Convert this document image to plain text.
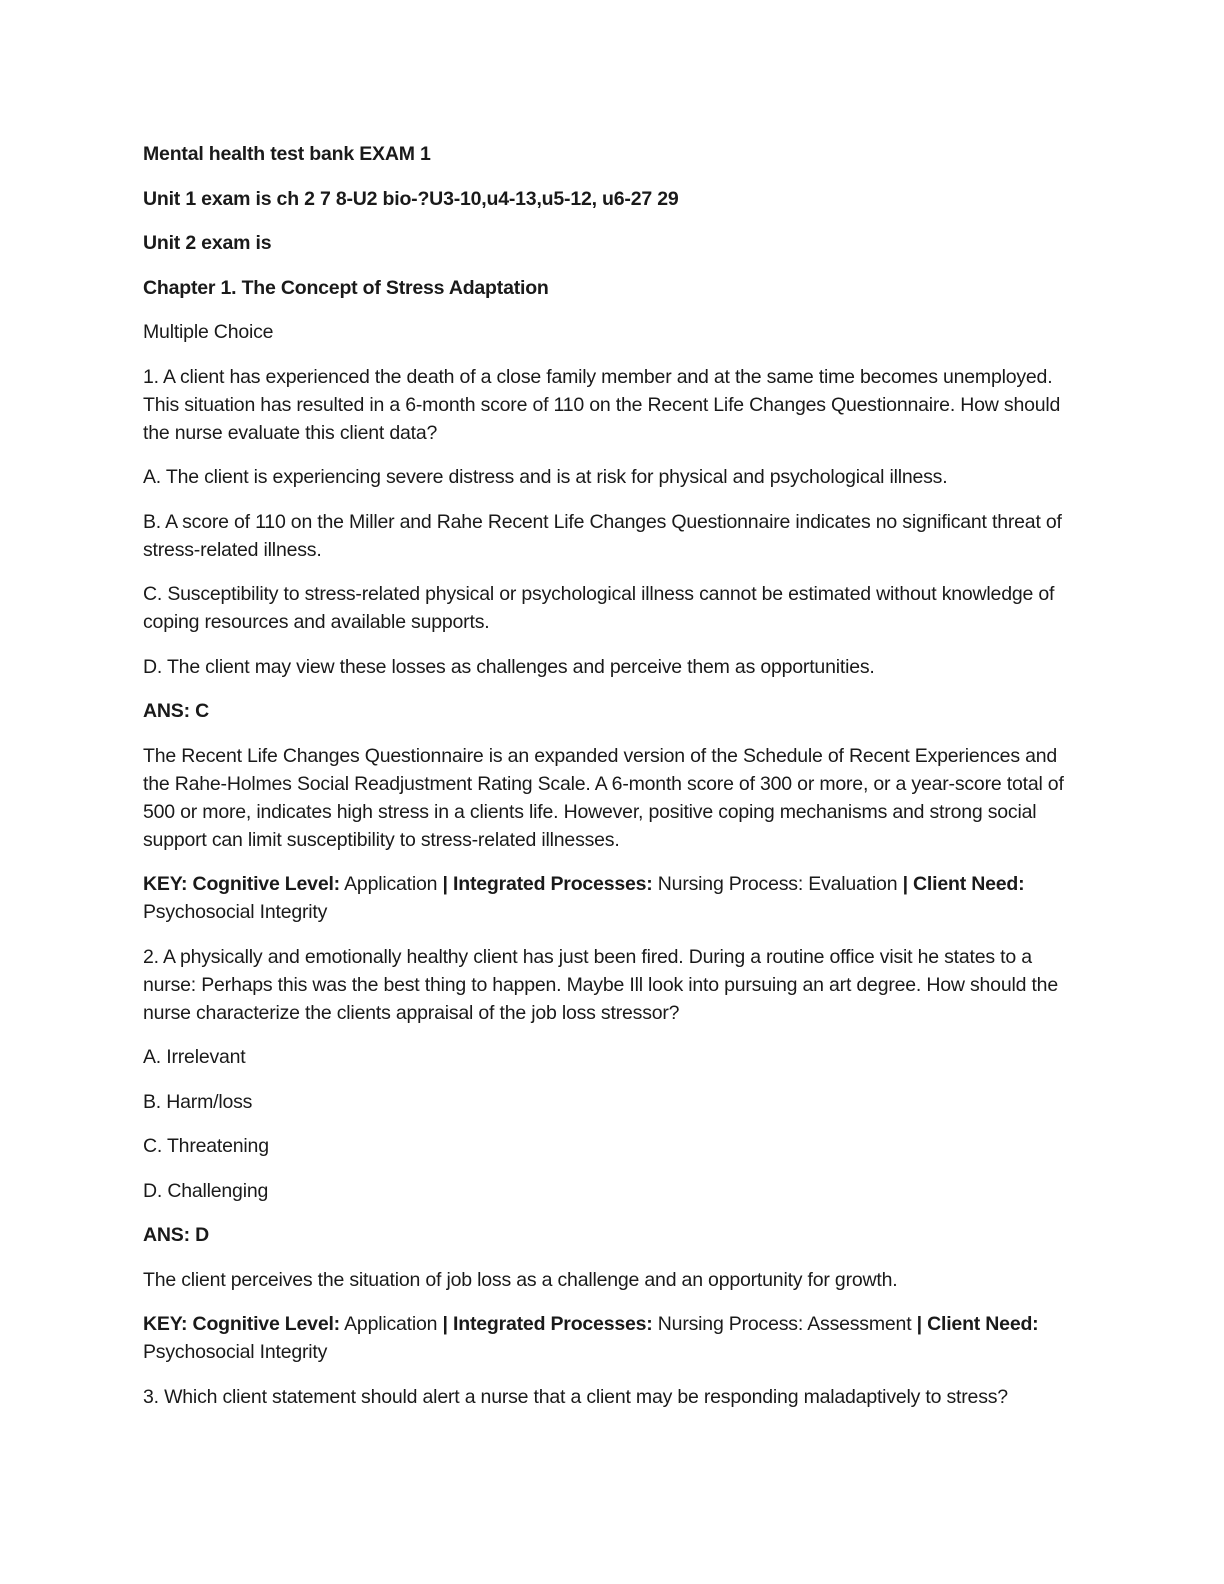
Mental health test bank EXAM 1

Unit 1 exam is ch 2 7 8-U2 bio-?U3-10,u4-13,u5-12, u6-27 29

Unit 2 exam is

Chapter 1. The Concept of Stress Adaptation

Multiple Choice

1. A client has experienced the death of a close family member and at the same time becomes unemployed. This situation has resulted in a 6-month score of 110 on the Recent Life Changes Questionnaire. How should the nurse evaluate this client data?

A. The client is experiencing severe distress and is at risk for physical and psychological illness.

B. A score of 110 on the Miller and Rahe Recent Life Changes Questionnaire indicates no significant threat of stress-related illness.

C. Susceptibility to stress-related physical or psychological illness cannot be estimated without knowledge of coping resources and available supports.

D. The client may view these losses as challenges and perceive them as opportunities.

ANS: C

The Recent Life Changes Questionnaire is an expanded version of the Schedule of Recent Experiences and the Rahe-Holmes Social Readjustment Rating Scale. A 6-month score of 300 or more, or a year-score total of 500 or more, indicates high stress in a clients life. However, positive coping mechanisms and strong social support can limit susceptibility to stress-related illnesses.

KEY: Cognitive Level: Application | Integrated Processes: Nursing Process: Evaluation | Client Need: Psychosocial Integrity

2. A physically and emotionally healthy client has just been fired. During a routine office visit he states to a nurse: Perhaps this was the best thing to happen. Maybe Ill look into pursuing an art degree. How should the nurse characterize the clients appraisal of the job loss stressor?

A. Irrelevant

B. Harm/loss

C. Threatening

D. Challenging

ANS: D

The client perceives the situation of job loss as a challenge and an opportunity for growth.

KEY: Cognitive Level: Application | Integrated Processes: Nursing Process: Assessment | Client Need: Psychosocial Integrity

3. Which client statement should alert a nurse that a client may be responding maladaptively to stress?
